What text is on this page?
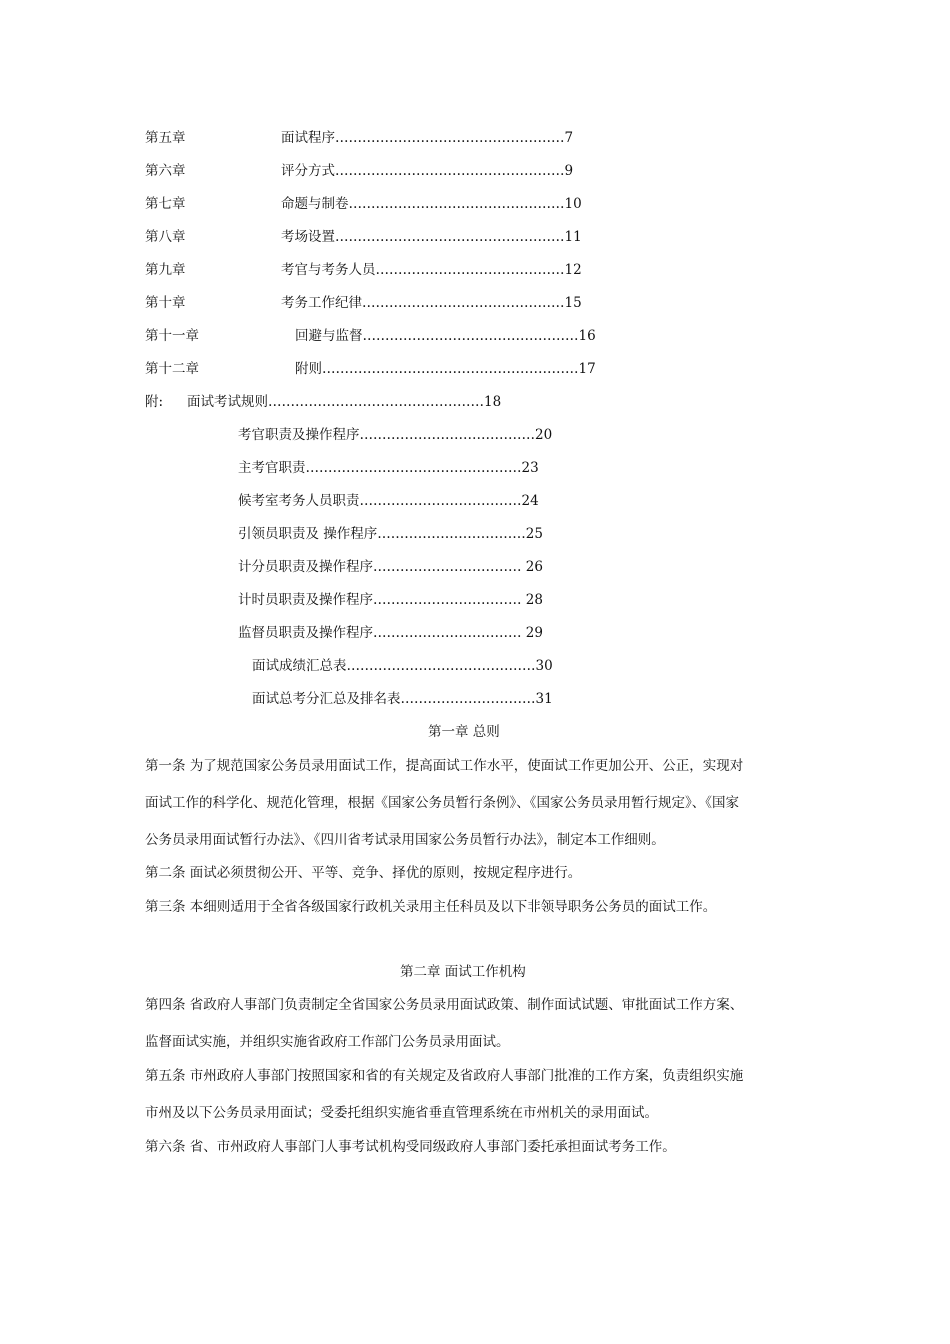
第五章	面试程序……………………………………………7
第六章	评分方式……………………………………………9
第七章	命题与制卷…………………………………………10
第八章	考场设置……………………………………………11
第九章	考官与考务人员……………………………………12
第十章	考务工作纪律………………………………………15
第十一章	回避与监督…………………………………………16
第十二章	附则…………………………………………………17
附: 面试考试规则…………………………………………18
考官职责及操作程序…………………………………20
主考官职责…………………………………………23
候考室考务人员职责………………………………24
引领员职责及 操作程序……………………………25
计分员职责及操作程序…………………………… 26
计时员职责及操作程序…………………………… 28
监督员职责及操作程序…………………………… 29
面试成绩汇总表……………………………………30
面试总考分汇总及排名表…………………………31
第一章 总则
第一条 为了规范国家公务员录用面试工作，提高面试工作水平，使面试工作更加公开、公正，实现对
面试工作的科学化、规范化管理，根据《国家公务员暂行条例》、《国家公务员录用暂行规定》、《国家
公务员录用面试暂行办法》、《四川省考试录用国家公务员暂行办法》，制定本工作细则。
第二条 面试必须贯彻公开、平等、竞争、择优的原则，按规定程序进行。
第三条 本细则适用于全省各级国家行政机关录用主任科员及以下非领导职务公务员的面试工作。
第二章 面试工作机构
第四条 省政府人事部门负责制定全省国家公务员录用面试政策、制作面试试题、审批面试工作方案、
监督面试实施，并组织实施省政府工作部门公务员录用面试。
第五条 市州政府人事部门按照国家和省的有关规定及省政府人事部门批准的工作方案，负责组织实施
市州及以下公务员录用面试；受委托组织实施省垂直管理系统在市州机关的录用面试。
第六条 省、市州政府人事部门人事考试机构受同级政府人事部门委托承担面试考务工作。
